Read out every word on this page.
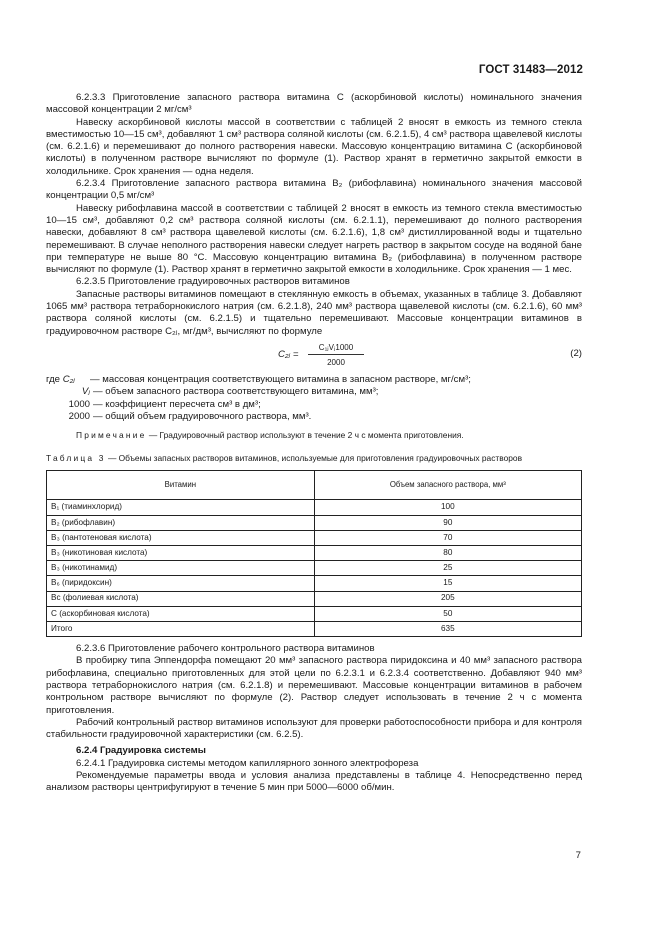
ГОСТ 31483—2012

6.2.3.3 Приготовление запасного раствора витамина С (аскорбиновой кислоты) номинального значения массовой концентрации 2 мг/см³

Навеску аскорбиновой кислоты массой в соответствии с таблицей 2 вносят в емкость из темного стекла вместимостью 10—15 см³, добавляют 1 см³ раствора соляной кислоты (см. 6.2.1.5), 4 см³ раствора щавелевой кислоты (см. 6.2.1.6) и перемешивают до полного растворения навески. Массовую концентрацию витамина С (аскорбиновой кислоты) в полученном растворе вычисляют по формуле (1). Раствор хранят в герметично закрытой емкости в холодильнике. Срок хранения — одна неделя.

6.2.3.4 Приготовление запасного раствора витамина B₂ (рибофлавина) номинального значения массовой концентрации 0,5 мг/см³

Навеску рибофлавина массой в соответствии с таблицей 2 вносят в емкость из темного стекла вместимостью 10—15 см³, добавляют 0,2 см³ раствора соляной кислоты (см. 6.2.1.1), перемешивают до полного растворения навески, добавляют 8 см³ раствора щавелевой кислоты (см. 6.2.1.6), 1,8 см³ дистиллированной воды и тщательно перемешивают. В случае неполного растворения навески следует нагреть раствор в закрытом сосуде на водяной бане при температуре не выше 80 °С. Массовую концентрацию витамина B₂ (рибофлавина) в полученном растворе вычисляют по формуле (1). Раствор хранят в герметично закрытой емкости в холодильнике. Срок хранения — 1 мес.

6.2.3.5 Приготовление градуировочных растворов витаминов

Запасные растворы витаминов помещают в стеклянную емкость в объемах, указанных в таблице 3. Добавляют 1065 мм³ раствора тетраборнокислого натрия (см. 6.2.1.8), 240 мм³ раствора щавелевой кислоты (см. 6.2.1.6), 60 мм³ раствора соляной кислоты (см. 6.2.1.5) и тщательно перемешивают. Массовые концентрации витаминов в градуировочном растворе C₂ⱼ, мг/дм³, вычисляют по формуле

C₂ⱼ =
C₁ⱼVⱼ1000
2000
(2)
где C₂ⱼ	— массовая концентрация соответствующего витамина в запасном растворе, мг/см³;
Vⱼ — объем запасного раствора соответствующего витамина, мм³;
1000 — коэффициент пересчета см³ в дм³;
2000 — общий объем градуировочного раствора, мм³.

Примечание — Градуировочный раствор используют в течение 2 ч с момента приготовления.

Таблица 3 — Объемы запасных растворов витаминов, используемые для приготовления градуировочных растворов

Витамин	Объем запасного раствора, мм³
B₁ (тиаминхлорид)	100
B₂ (рибофлавин)	90
B₃ (пантотеновая кислота)	70
B₃ (никотиновая кислота)	80
B₃ (никотинамид)	25
B₆ (пиридоксин)	15
Bc (фолиевая кислота)	205
С (аскорбиновая кислота)	50
Итого	635

6.2.3.6 Приготовление рабочего контрольного раствора витаминов

В пробирку типа Эппендорфа помещают 20 мм³ запасного раствора пиридоксина и 40 мм³ запасного раствора рибофлавина, специально приготовленных для этой цели по 6.2.3.1 и 6.2.3.4 соответственно. Добавляют 940 мм³ раствора тетраборнокислого натрия (см. 6.2.1.8) и перемешивают. Массовые концентрации витаминов в рабочем контрольном растворе вычисляют по формуле (2). Раствор следует использовать в течение 2 ч с момента приготовления.

Рабочий контрольный раствор витаминов используют для проверки работоспособности прибора и для контроля стабильности градуировочной характеристики (см. 6.2.5).

6.2.4 Градуировка системы

6.2.4.1 Градуировка системы методом капиллярного зонного электрофореза

Рекомендуемые параметры ввода и условия анализа представлены в таблице 4. Непосредственно перед анализом растворы центрифугируют в течение 5 мин при 5000—6000 об/мин.

7
